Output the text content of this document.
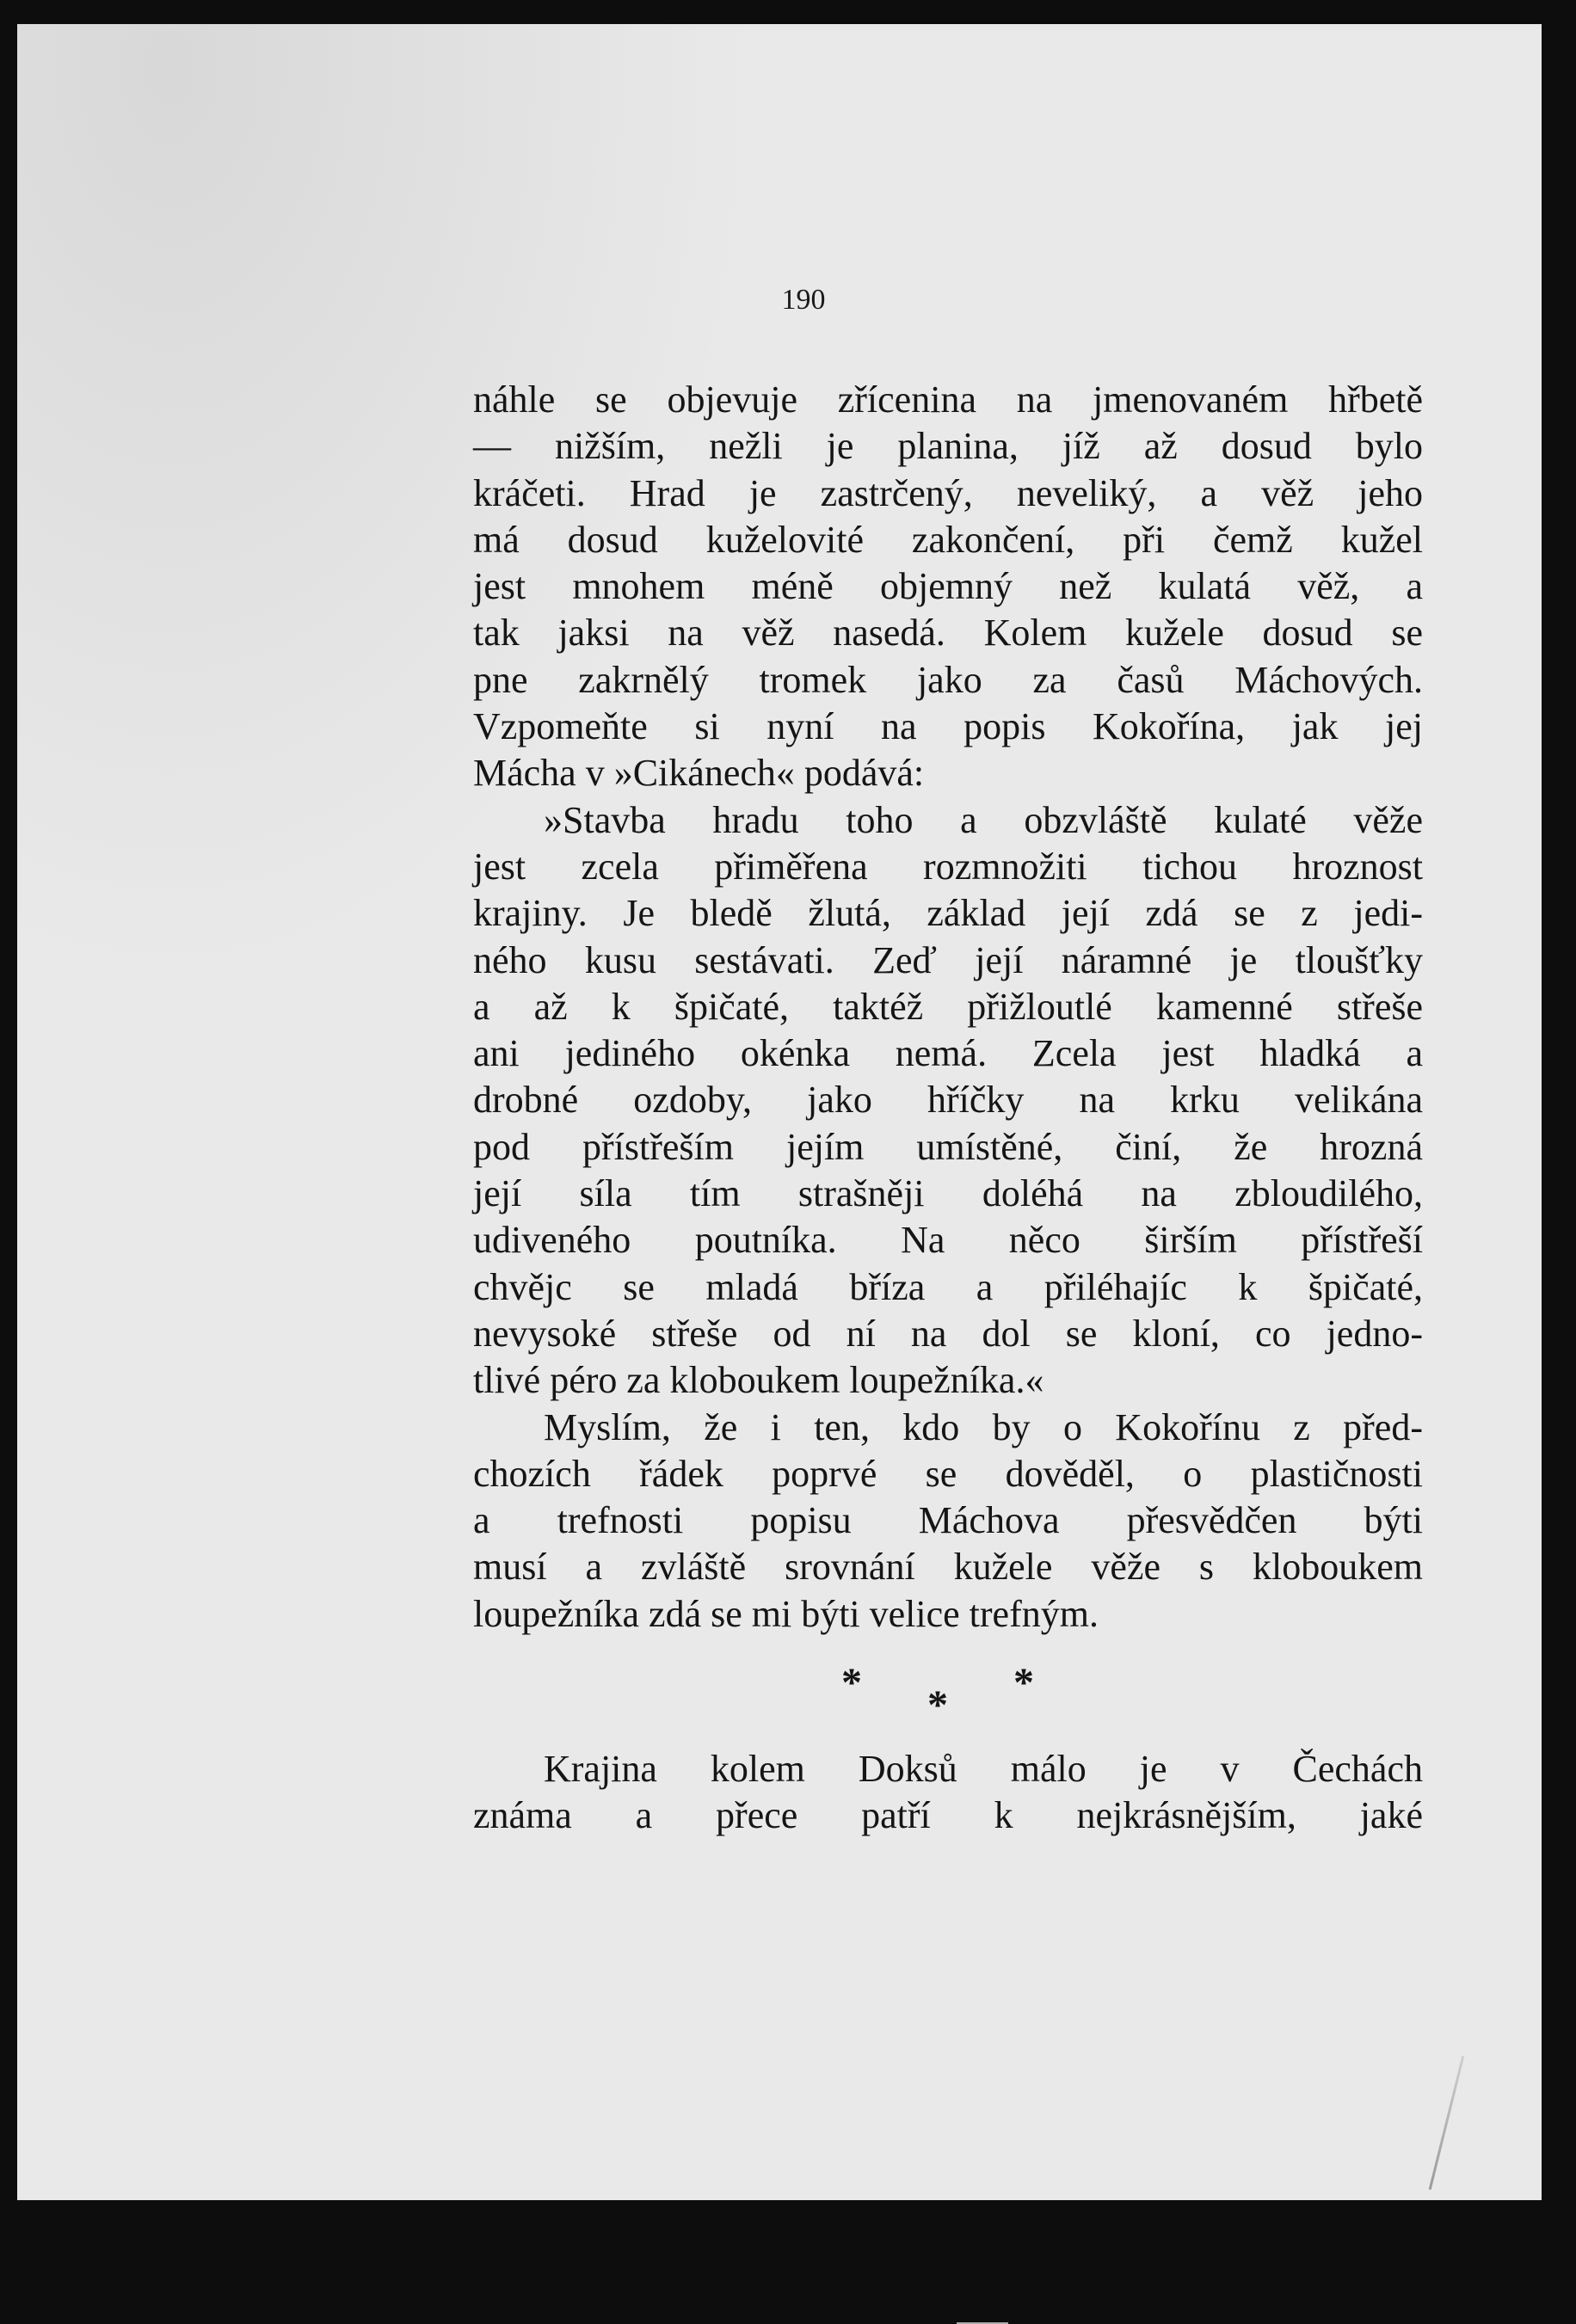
190
náhle se objevuje zřícenina na jmenovaném hřbetě
— nižším, nežli je planina, jíž až dosud bylo
kráčeti. Hrad je zastrčený, neveliký, a věž jeho
má dosud kuželovité zakončení, při čemž kužel
jest mnohem méně objemný než kulatá věž, a
tak jaksi na věž nasedá. Kolem kužele dosud se
pne zakrnělý tromek jako za časů Máchových.
Vzpomeňte si nyní na popis Kokořína, jak jej
Mácha v »Cikánech« podává:
»Stavba hradu toho a obzvláště kulaté věže
jest zcela přiměřena rozmnožiti tichou hroznost
krajiny. Je bledě žlutá, základ její zdá se z jedi-
ného kusu sestávati. Zeď její náramné je tloušťky
a až k špičaté, taktéž přižloutlé kamenné střeše
ani jediného okénka nemá. Zcela jest hladká a
drobné ozdoby, jako hříčky na krku velikána
pod přístřeším jejím umístěné, činí, že hrozná
její síla tím strašněji doléhá na zbloudilého,
udiveného poutníka. Na něco širším přístřeší
chvějc se mladá bříza a přiléhajíc k špičaté,
nevysoké střeše od ní na dol se kloní, co jedno-
tlivé péro za kloboukem loupežníka.«
Myslím, že i ten, kdo by o Kokořínu z před-
chozích řádek poprvé se dověděl, o plastičnosti
a trefnosti popisu Máchova přesvědčen býti
musí a zvláště srovnání kužele věže s kloboukem
loupežníka zdá se mi býti velice trefným.
* * *
Krajina kolem Doksů málo je v Čechách
známa a přece patří k nejkrásnějším, jaké
